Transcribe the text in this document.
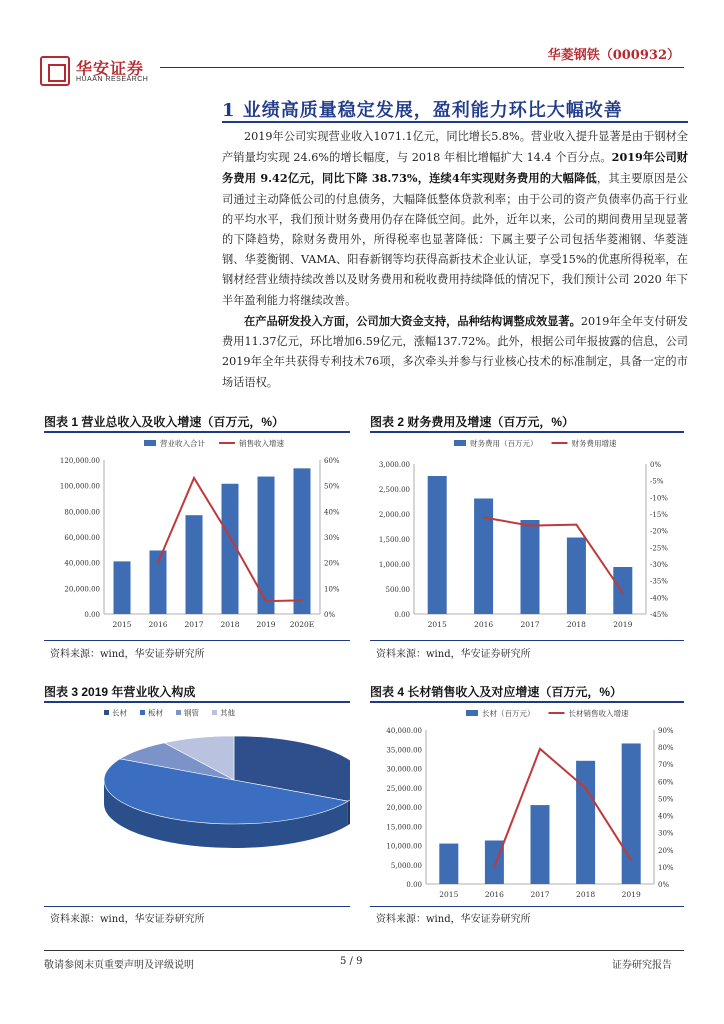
华安证券
HUAAN RESEARCH
华菱钢铁（000932）
1 业绩高质量稳定发展，盈利能力环比大幅改善
2019年公司实现营业收入1071.1亿元，同比增长5.8%。营业收入提升显著是由于钢材全产销量均实现 24.6%的增长幅度，与 2018 年相比增幅扩大 14.4 个百分点。2019年公司财务费用 9.42亿元，同比下降 38.73%，连续4年实现财务费用的大幅降低，其主要原因是公司通过主动降低公司的付息债务，大幅降低整体贷款利率；由于公司的资产负债率仍高于行业的平均水平，我们预计财务费用仍存在降低空间。此外，近年以来，公司的期间费用呈现显著的下降趋势，除财务费用外，所得税率也显著降低：下属主要子公司包括华菱湘钢、华菱涟钢、华菱衡钢、VAMA、阳春新钢等均获得高新技术企业认证，享受15%的优惠所得税率，在钢材经营业绩持续改善以及财务费用和税收费用持续降低的情况下，我们预计公司 2020 年下半年盈利能力将继续改善。
在产品研发投入方面，公司加大资金支持，品种结构调整成效显著。2019年全年支付研发费用11.37亿元，环比增加6.59亿元，涨幅137.72%。此外，根据公司年报披露的信息，公司2019年全年共获得专利技术76项，多次牵头并参与行业核心技术的标准制定，具备一定的市场话语权。
图表 1 营业总收入及收入增速（百万元，%）
营业收入合计	销售收入增速
0.00
20,000.00
40,000.00
60,000.00
80,000.00
100,000.00
120,000.00
0%
10%
20%
30%
40%
50%
60%
2015 2016 2017 2018 2019 2020E
资料来源：wind，华安证券研究所
图表 2 财务费用及增速（百万元，%）
财务费用（百万元）	财务费用增速
0.00
500.00
1,000.00
1,500.00
2,000.00
2,500.00
3,000.00	0%
-5%
-10%
-15%
-20%
-25%
-30%
-35%
-40%
-45%
2015	2016	2017	2018	2019
资料来源：wind，华安证券研究所
图表 3 2019 年营业收入构成
长材	板材	钢管	其他
资料来源：wind，华安证券研究所
图表 4 长材销售收入及对应增速（百万元，%）
长材（百万元）	长材销售收入增速
0.00
5,000.00
10,000.00
15,000.00
20,000.00
25,000.00
30,000.00
35,000.00
40,000.00
0%
10%
20%
30%
40%
50%
60%
70%
80%
90%
2015	2016	2017	2018	2019
资料来源：wind，华安证券研究所
敬请参阅末页重要声明及评级说明	5 / 9	证券研究报告
